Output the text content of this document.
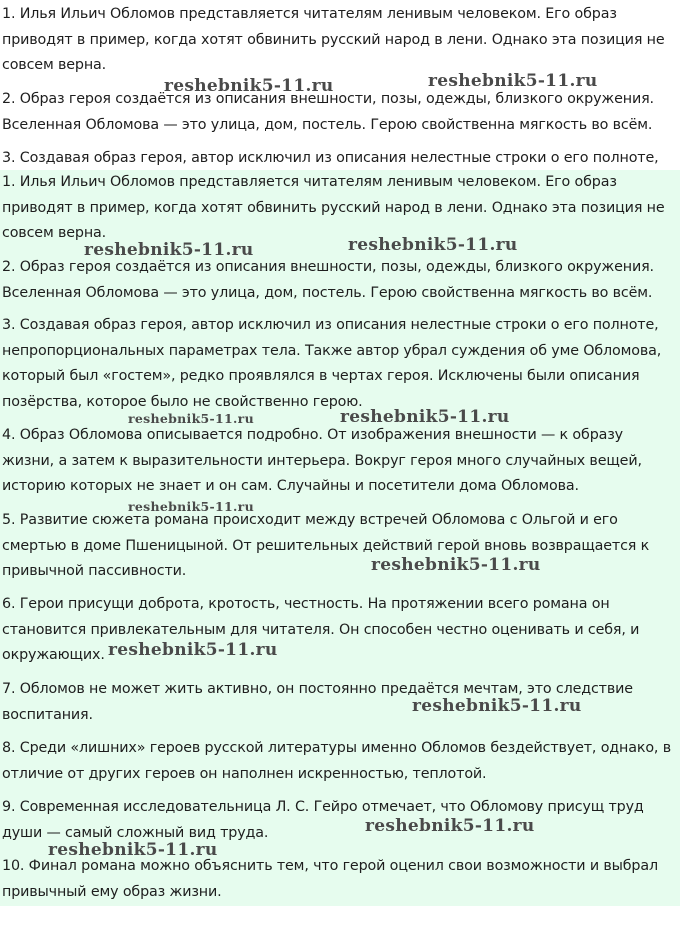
1. Илья Ильич Обломов представляется читателям ленивым человеком. Его образ приводят в пример, когда хотят обвинить русский народ в лени. Однако эта позиция не совсем верна.

2. Образ героя создаётся из описания внешности, позы, одежды, близкого окружения. Вселенная Обломова — это улица, дом, постель. Герою свойственна мягкость во всём.

3. Создавая образ героя, автор исключил из описания нелестные строки о его полноте,

reshebnik5-11.ru	reshebnik5-11.ru

1. Илья Ильич Обломов представляется читателям ленивым человеком. Его образ приводят в пример, когда хотят обвинить русский народ в лени. Однако эта позиция не совсем верна.

2. Образ героя создаётся из описания внешности, позы, одежды, близкого окружения. Вселенная Обломова — это улица, дом, постель. Герою свойственна мягкость во всём.

3. Создавая образ героя, автор исключил из описания нелестные строки о его полноте, непропорциональных параметрах тела. Также автор убрал суждения об уме Обломова, который был «гостем», редко проявлялся в чертах героя. Исключены были описания позёрства, которое было не свойственно герою.

4. Образ Обломова описывается подробно. От изображения внешности — к образу жизни, а затем к выразительности интерьера. Вокруг героя много случайных вещей, историю которых не знает и он сам. Случайны и посетители дома Обломова.

5. Развитие сюжета романа происходит между встречей Обломова с Ольгой и его смертью в доме Пшеницыной. От решительных действий герой вновь возвращается к привычной пассивности.

6. Герои присущи доброта, кротость, честность. На протяжении всего романа он становится привлекательным для читателя. Он способен честно оценивать и себя, и окружающих.

7. Обломов не может жить активно, он постоянно предаётся мечтам, это следствие воспитания.

8. Среди «лишних» героев русской литературы именно Обломов бездействует, однако, в отличие от других героев он наполнен искренностью, теплотой.

9. Современная исследовательница Л. С. Гейро отмечает, что Обломову присущ труд души — самый сложный вид труда.

10. Финал романа можно объяснить тем, что герой оценил свои возможности и выбрал привычный ему образ жизни.

reshebnik5-11.ru	reshebnik5-11.ru
reshebnik5-11.ru	reshebnik5-11.ru
reshebnik5-11.ru
reshebnik5-11.ru
reshebnik5-11.ru
reshebnik5-11.ru
reshebnik5-11.ru
reshebnik5-11.ru
